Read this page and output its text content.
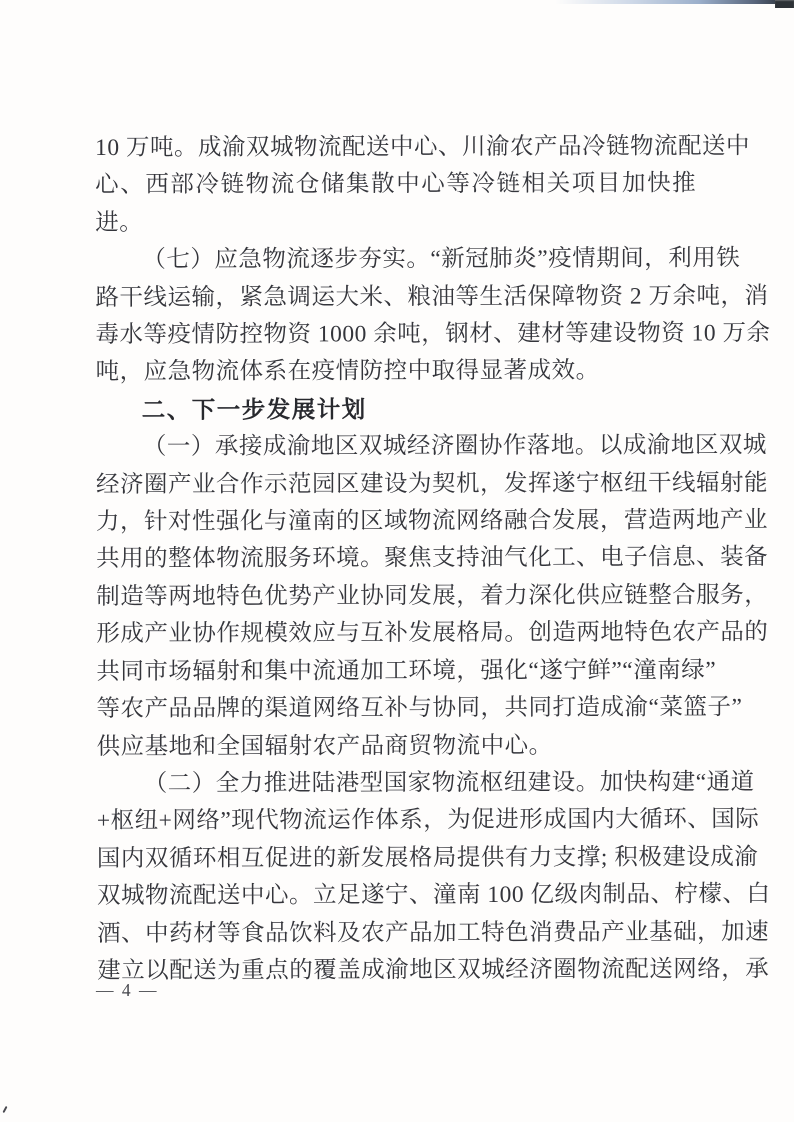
10 万吨。成渝双城物流配送中心、川渝农产品冷链物流配送中
心、西部冷链物流仓储集散中心等冷链相关项目加快推进。
（七）应急物流逐步夯实。“新冠肺炎”疫情期间，利用铁
路干线运输，紧急调运大米、粮油等生活保障物资 2 万余吨，消
毒水等疫情防控物资 1000 余吨，钢材、建材等建设物资 10 万余
吨，应急物流体系在疫情防控中取得显著成效。
二、下一步发展计划
（一）承接成渝地区双城经济圈协作落地。以成渝地区双城
经济圈产业合作示范园区建设为契机，发挥遂宁枢纽干线辐射能
力，针对性强化与潼南的区域物流网络融合发展，营造两地产业
共用的整体物流服务环境。聚焦支持油气化工、电子信息、装备
制造等两地特色优势产业协同发展，着力深化供应链整合服务，
形成产业协作规模效应与互补发展格局。创造两地特色农产品的
共同市场辐射和集中流通加工环境，强化“遂宁鲜”“潼南绿”
等农产品品牌的渠道网络互补与协同，共同打造成渝“菜篮子”
供应基地和全国辐射农产品商贸物流中心。
（二）全力推进陆港型国家物流枢纽建设。加快构建“通道
+枢纽+网络”现代物流运作体系，为促进形成国内大循环、国际
国内双循环相互促进的新发展格局提供有力支撑; 积极建设成渝
双城物流配送中心。立足遂宁、潼南 100 亿级肉制品、柠檬、白
酒、中药材等食品饮料及农产品加工特色消费品产业基础，加速
建立以配送为重点的覆盖成渝地区双城经济圈物流配送网络，承
— 4 —
